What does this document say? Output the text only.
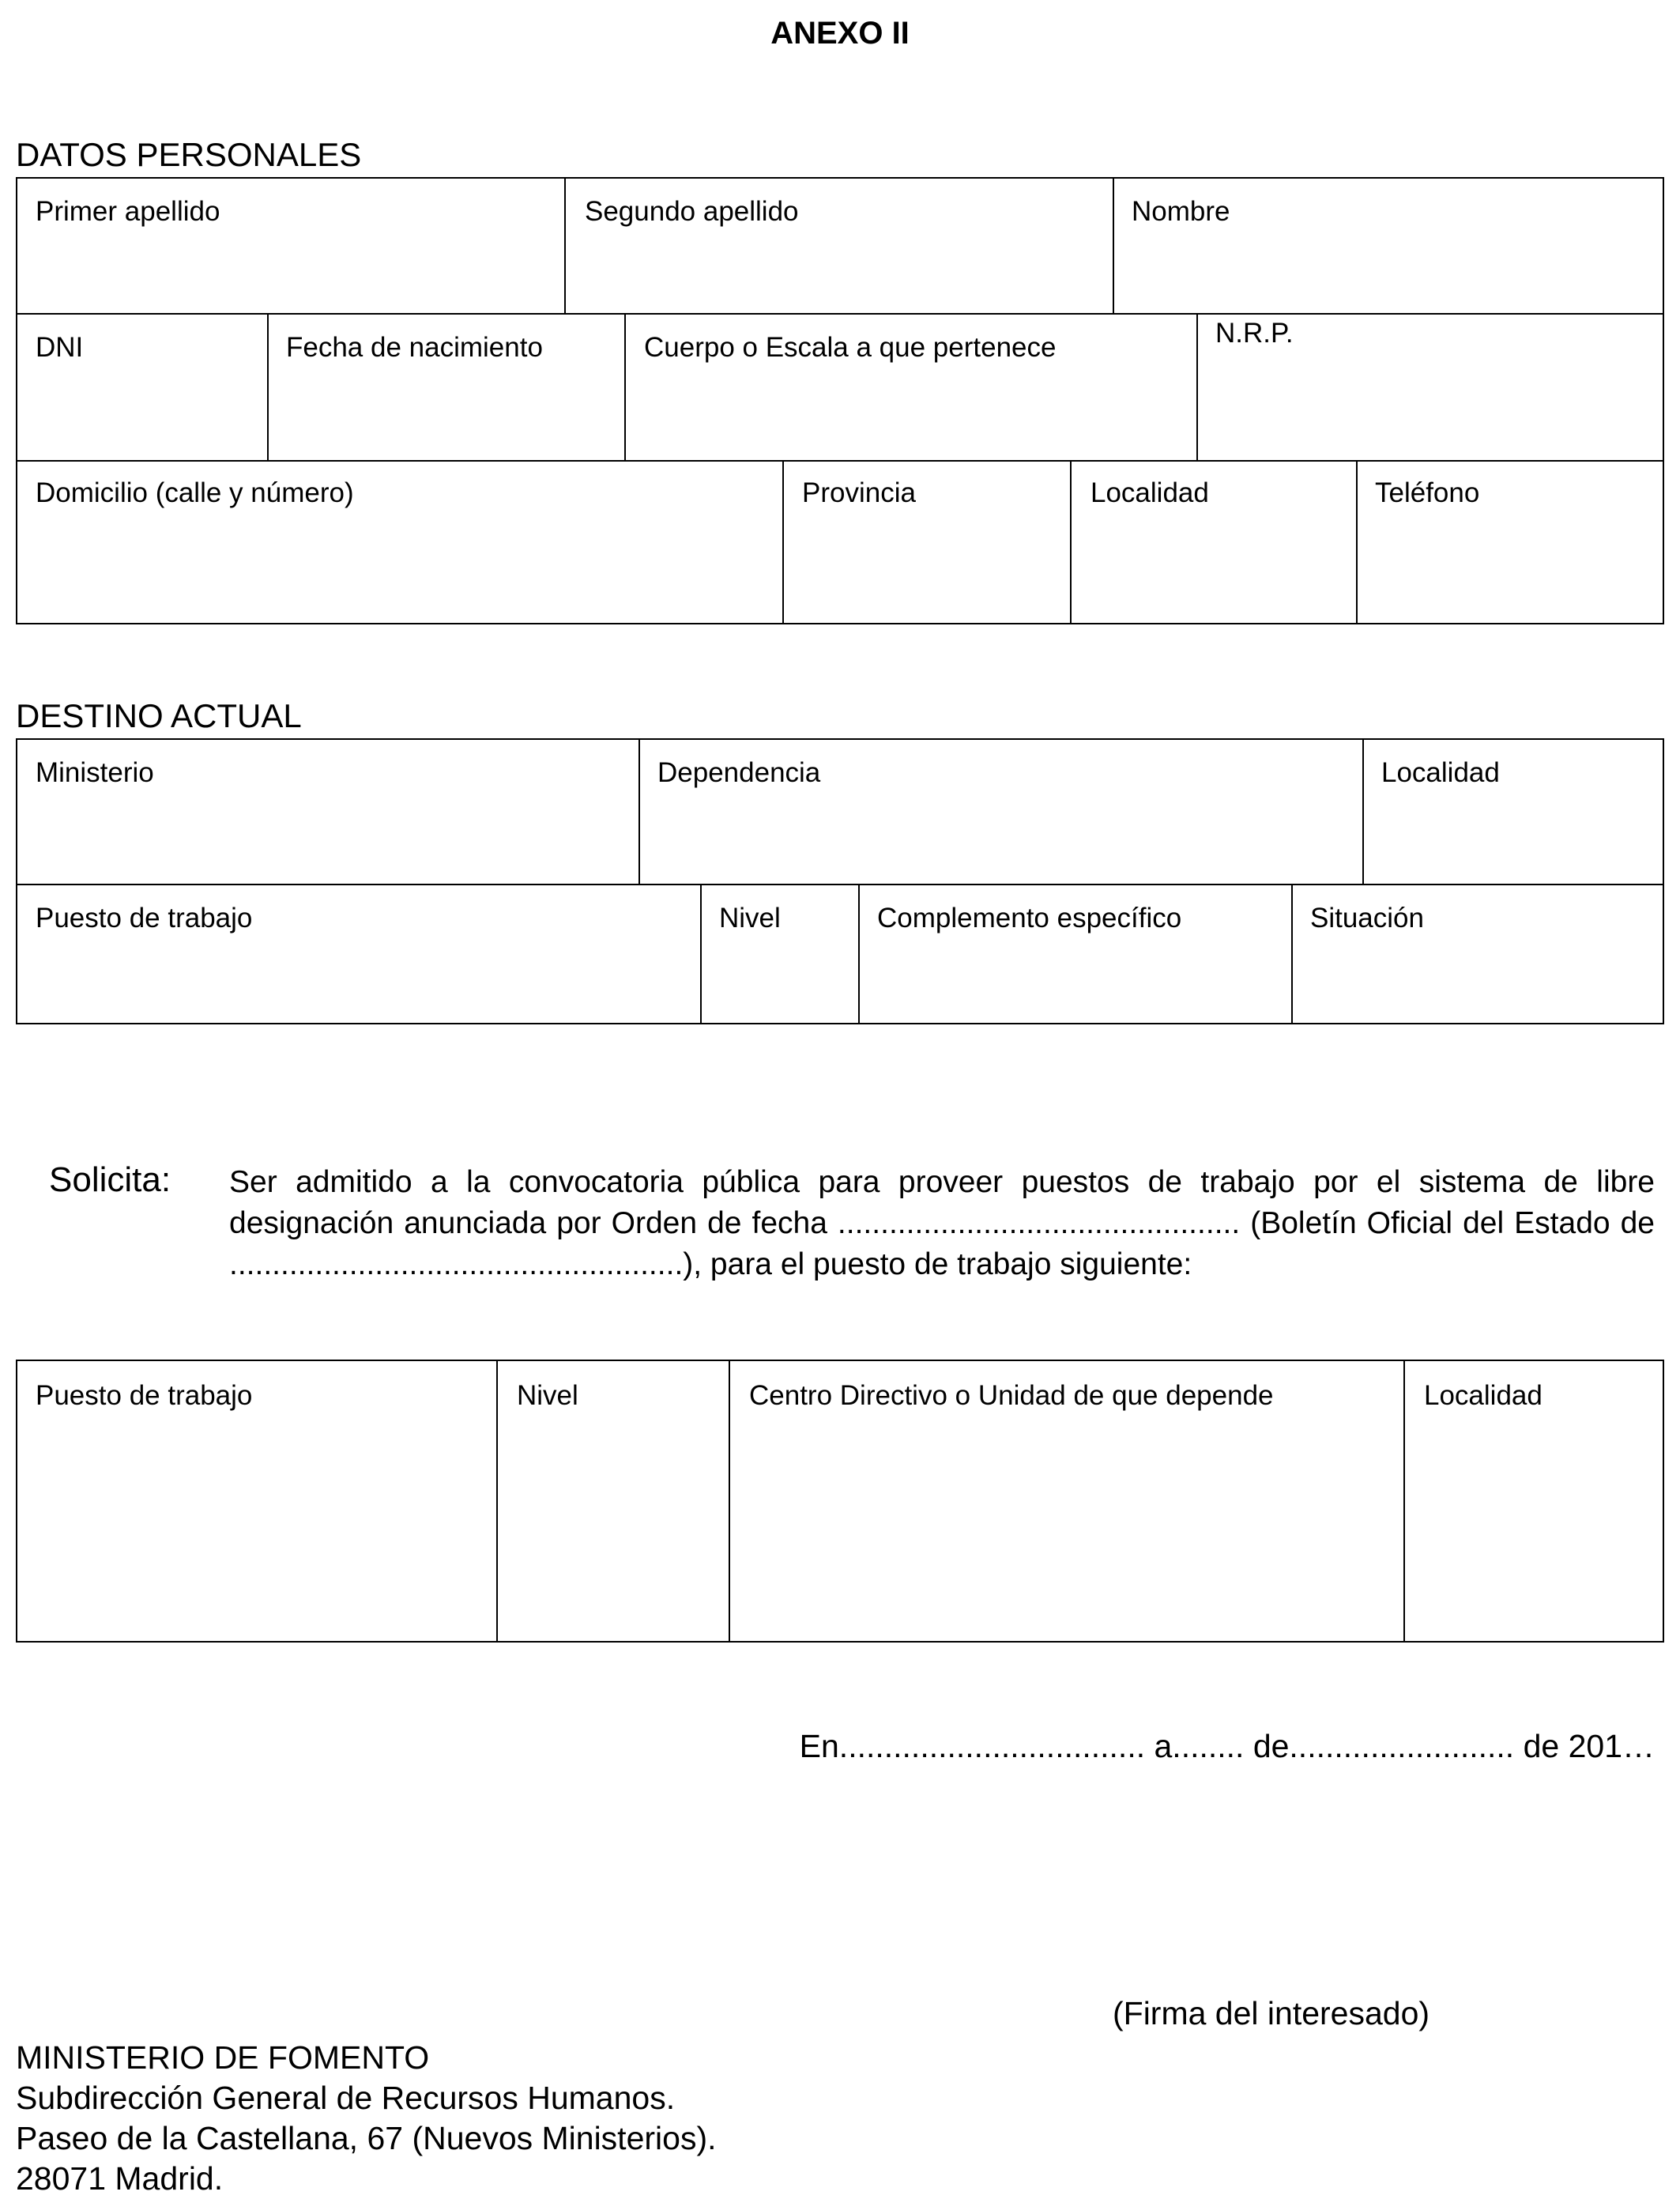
ANEXO II
DATOS PERSONALES
Primer apellido	Segundo apellido	Nombre
DNI	Fecha de nacimiento	Cuerpo o Escala a que pertenece	N.R.P.
Domicilio (calle y número)	Provincia	Localidad	Teléfono
DESTINO ACTUAL
Ministerio	Dependencia	Localidad
Puesto de trabajo	Nivel	Complemento específico	Situación
Solicita: Ser admitido a la convocatoria pública para proveer puestos de trabajo por el sistema de libre designación anunciada por Orden de fecha ............................................... (Boletín Oficial del Estado de .....................................................), para el puesto de trabajo siguiente:
Puesto de trabajo	Nivel	Centro Directivo o Unidad de que depende	Localidad
En.................................. a........ de......................... de 201…
(Firma del interesado)
MINISTERIO DE FOMENTO
Subdirección General de Recursos Humanos.
Paseo de la Castellana, 67 (Nuevos Ministerios).
28071 Madrid.
